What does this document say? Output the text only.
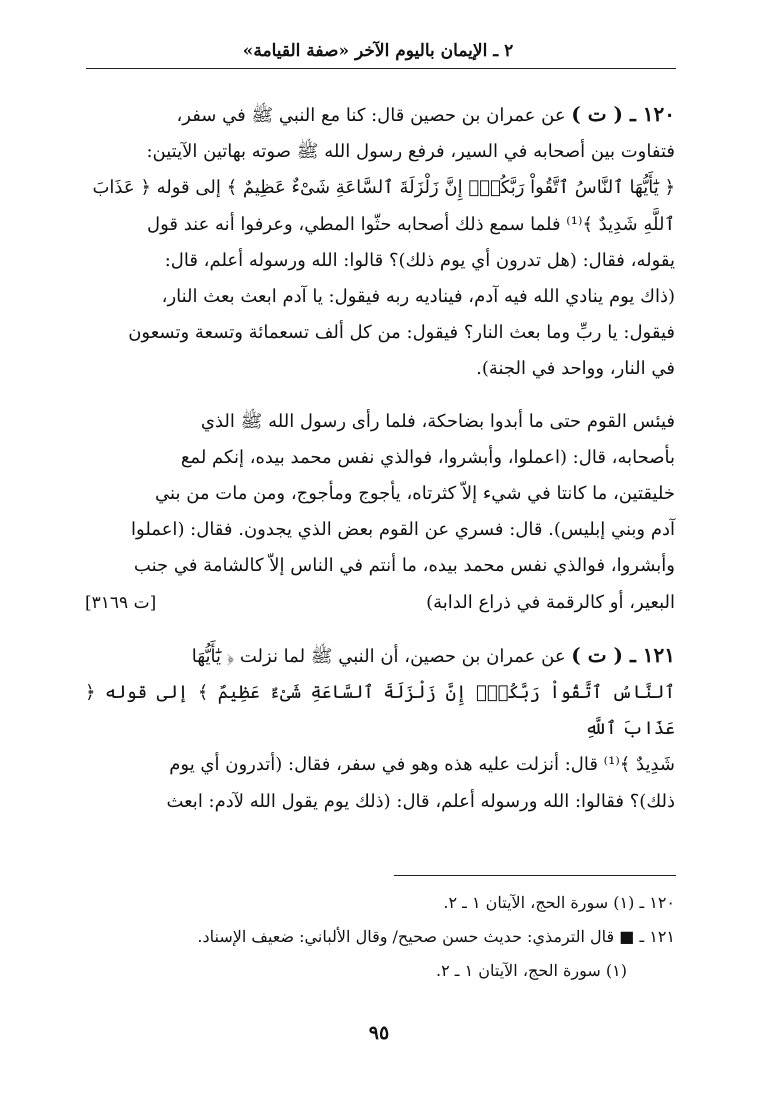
٢ ـ الإيمان باليوم الآخر «صفة القيامة»
١٢٠ ـ ( ت ) عن عمران بن حصين قال: كنا مع النبي ﷺ في سفر،
فتفاوت بين أصحابه في السير، فرفع رسول الله ﷺ صوته بهاتين الآيتين:
﴿ يَٰٓأَيُّهَا ٱلنَّاسُ ٱتَّقُواْ رَبَّكُمْۚ إِنَّ زَلْزَلَةَ ٱلسَّاعَةِ شَىْءٌ عَظِيمٌ ﴾ إلى قوله ﴿ عَذَابَ
ٱللَّهِ شَدِيدٌ ﴾⁽¹⁾ فلما سمع ذلك أصحابه حثّوا المطي، وعرفوا أنه عند قول
يقوله، فقال: (هل تدرون أي يوم ذلك)؟ قالوا: الله ورسوله أعلم، قال:
(ذاك يوم ينادي الله فيه آدم، فيناديه ربه فيقول: يا آدم ابعث بعث النار،
فيقول: يا ربِّ وما بعث النار؟ فيقول: من كل ألف تسعمائة وتسعة وتسعون
في النار، وواحد في الجنة).
فيئس القوم حتى ما أبدوا بضاحكة، فلما رأى رسول الله ﷺ الذي
بأصحابه، قال: (اعملوا، وأبشروا، فوالذي نفس محمد بيده، إنكم لمع
خليقتين، ما كانتا في شيء إلاّ كثرتاه، يأجوج ومأجوج، ومن مات من بني
آدم وبني إبليس). قال: فسري عن القوم بعض الذي يجدون. فقال: (اعملوا
وأبشروا، فوالذي نفس محمد بيده، ما أنتم في الناس إلاّ كالشامة في جنب
البعير، أو كالرقمة في ذراع الدابة)
[ت ٣١٦٩]
١٢١ ـ ( ت ) عن عمران بن حصين، أن النبي ﷺ لما نزلت ﴿ يَٰٓأَيُّهَا
ٱلنَّاسُ ٱتَّقُواْ رَبَّكُمْۚ إِنَّ زَلْزَلَةَ ٱلسَّاعَةِ شَىْءٌ عَظِيمٌ ﴾ إلى قوله ﴿ عَذَابَ ٱللَّهِ
شَدِيدٌ ﴾⁽¹⁾ قال: أنزلت عليه هذه وهو في سفر، فقال: (أتدرون أي يوم
ذلك)؟ فقالوا: الله ورسوله أعلم، قال: (ذلك يوم يقول الله لآدم: ابعث

١٢٠ ـ (١) سورة الحج، الآيتان ١ ـ ٢.

١٢١ ـ ■ قال الترمذي: حديث حسن صحيح/ وقال الألباني: ضعيف الإسناد.

(١) سورة الحج، الآيتان ١ ـ ٢.

٩٥
